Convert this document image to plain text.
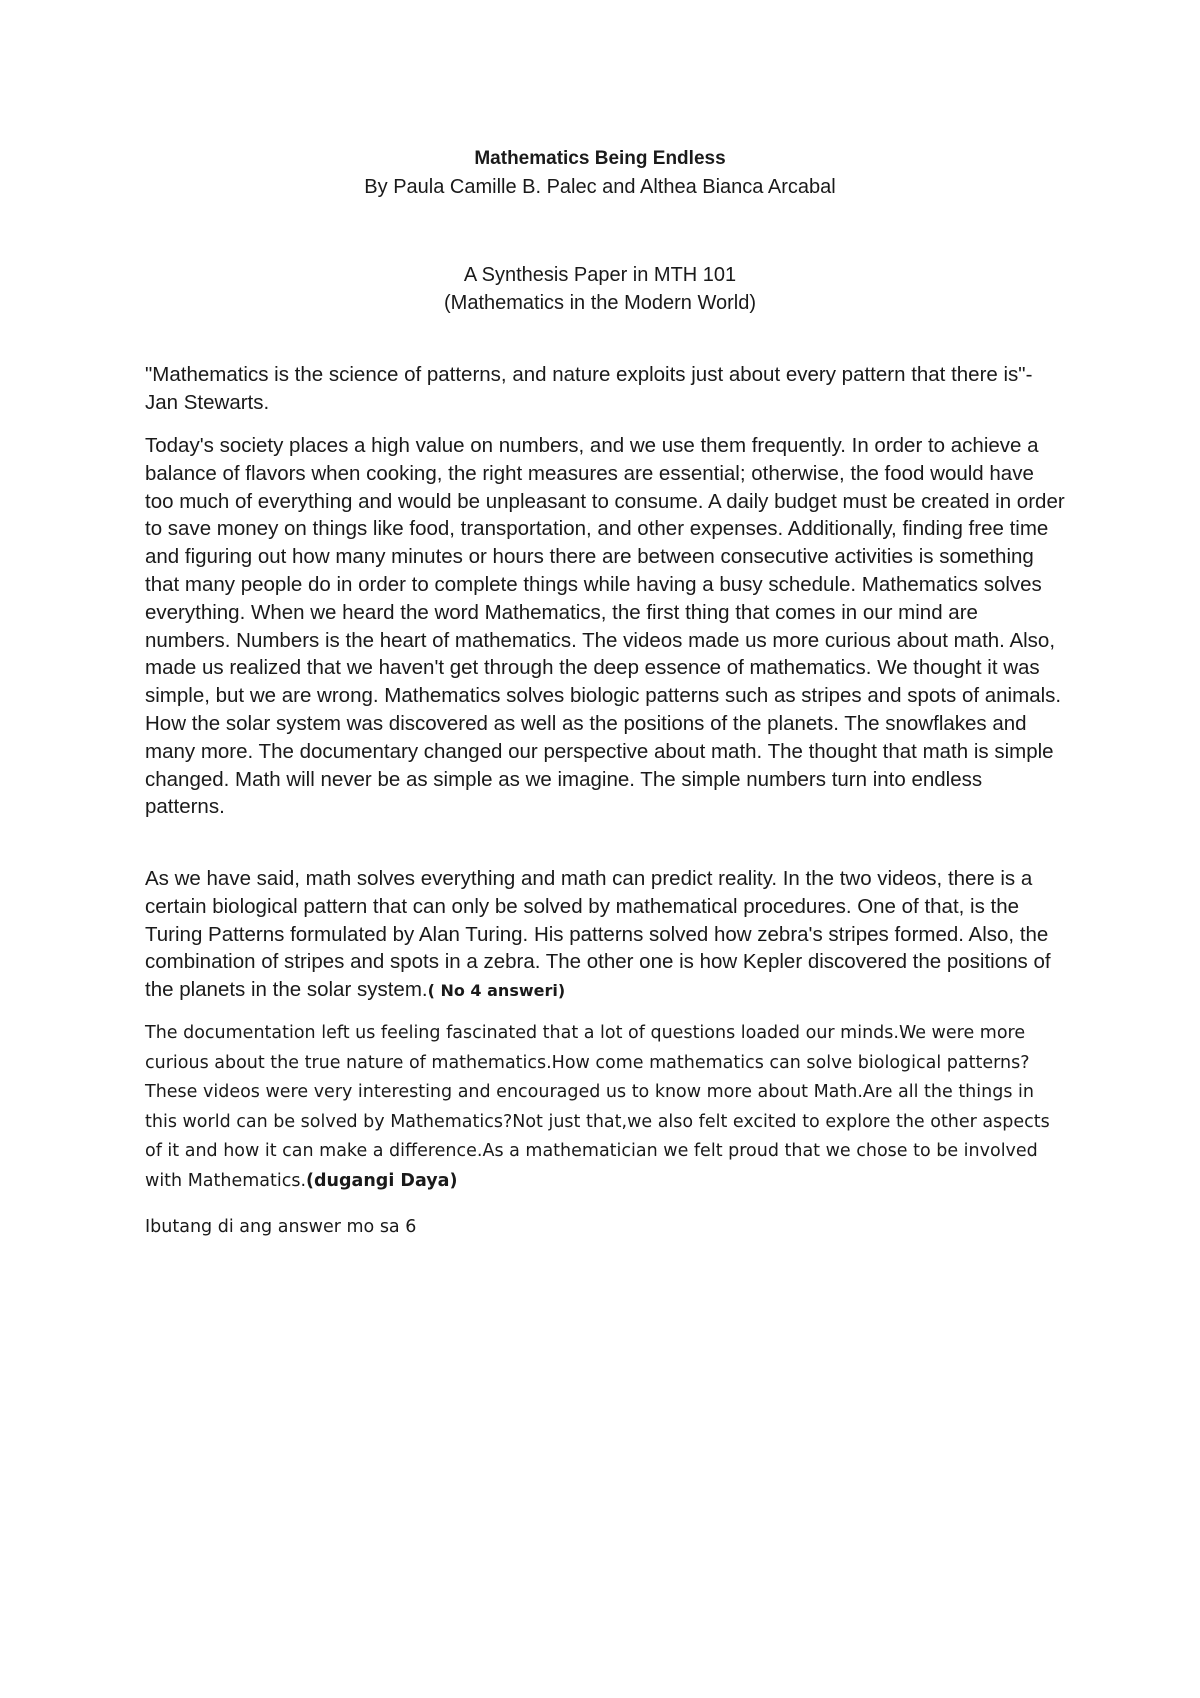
Mathematics Being Endless
By Paula Camille B. Palec and Althea Bianca Arcabal
A Synthesis Paper in MTH 101
(Mathematics in the Modern World)

"Mathematics is the science of patterns, and nature exploits just about every pattern that there is"- Jan Stewarts.

Today's society places a high value on numbers, and we use them frequently. In order to achieve a balance of flavors when cooking, the right measures are essential; otherwise, the food would have too much of everything and would be unpleasant to consume. A daily budget must be created in order to save money on things like food, transportation, and other expenses. Additionally, finding free time and figuring out how many minutes or hours there are between consecutive activities is something that many people do in order to complete things while having a busy schedule. Mathematics solves everything. When we heard the word Mathematics, the first thing that comes in our mind are numbers. Numbers is the heart of mathematics. The videos made us more curious about math. Also, made us realized that we haven't get through the deep essence of mathematics. We thought it was simple, but we are wrong. Mathematics solves biologic patterns such as stripes and spots of animals. How the solar system was discovered as well as the positions of the planets. The snowflakes and many more. The documentary changed our perspective about math. The thought that math is simple changed. Math will never be as simple as we imagine. The simple numbers turn into endless patterns.

As we have said, math solves everything and math can predict reality. In the two videos, there is a certain biological pattern that can only be solved by mathematical procedures. One of that, is the Turing Patterns formulated by Alan Turing. His patterns solved how zebra's stripes formed. Also, the combination of stripes and spots in a zebra. The other one is how Kepler discovered the positions of the planets in the solar system.( No 4 answeri)

The documentation left us feeling fascinated that a lot of questions loaded our minds.We were more curious about the true nature of mathematics.How come mathematics can solve biological patterns? These videos were very interesting and encouraged us to know more about Math.Are all the things in this world can be solved by Mathematics?Not just that,we also felt excited to explore the other aspects of it and how it can make a difference.As a mathematician we felt proud that we chose to be involved with Mathematics.(dugangi Daya)

Ibutang di ang answer mo sa 6
